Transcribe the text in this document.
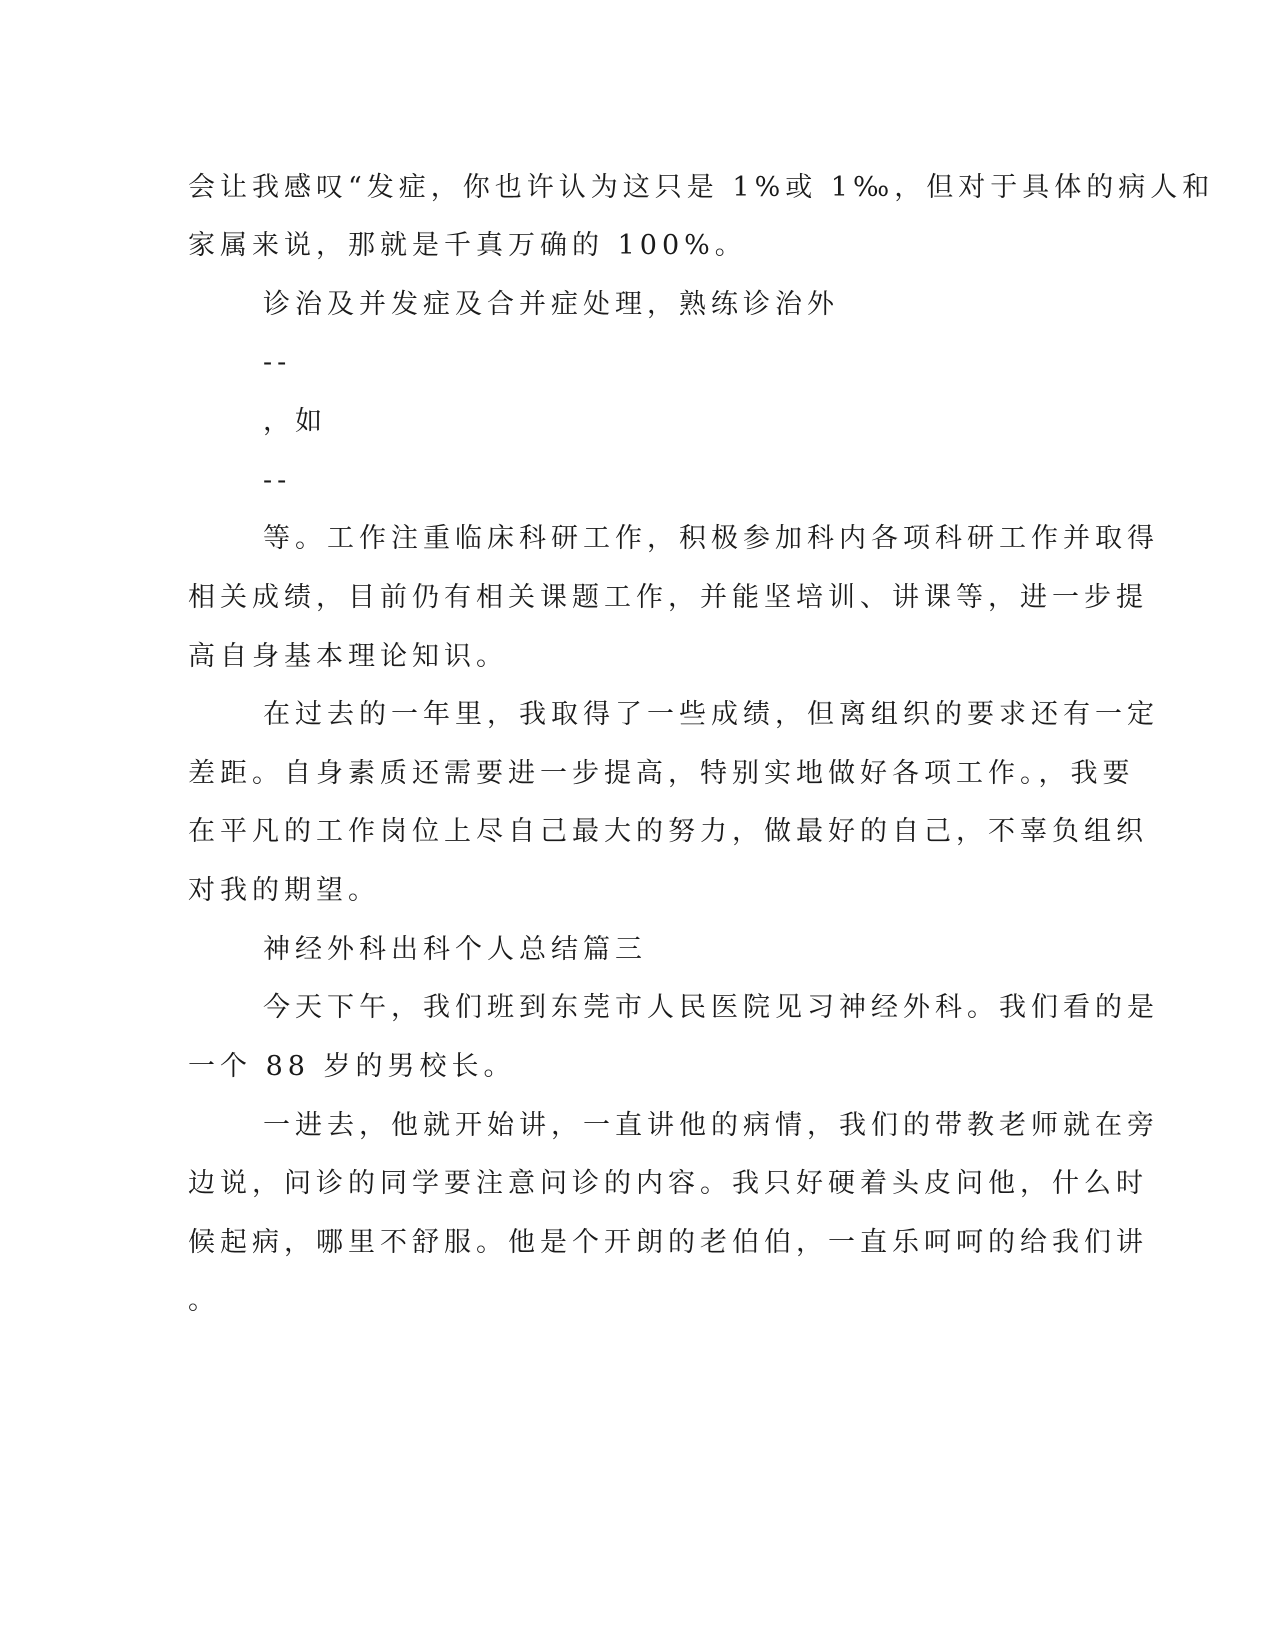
会让我感叹“发症，你也许认为这只是 1%或 1‰，但对于具体的病人和

家属来说，那就是千真万确的 100%。

诊治及并发症及合并症处理，熟练诊治外

--

，如

--

等。工作注重临床科研工作，积极参加科内各项科研工作并取得

相关成绩，目前仍有相关课题工作，并能坚培训、讲课等，进一步提

高自身基本理论知识。

在过去的一年里，我取得了一些成绩，但离组织的要求还有一定

差距。自身素质还需要进一步提高，特别实地做好各项工作。，我要

在平凡的工作岗位上尽自己最大的努力，做最好的自己，不辜负组织

对我的期望。

神经外科出科个人总结篇三

今天下午，我们班到东莞市人民医院见习神经外科。我们看的是

一个 88 岁的男校长。

一进去，他就开始讲，一直讲他的病情，我们的带教老师就在旁

边说，问诊的同学要注意问诊的内容。我只好硬着头皮问他，什么时

候起病，哪里不舒服。他是个开朗的老伯伯，一直乐呵呵的给我们讲

。
